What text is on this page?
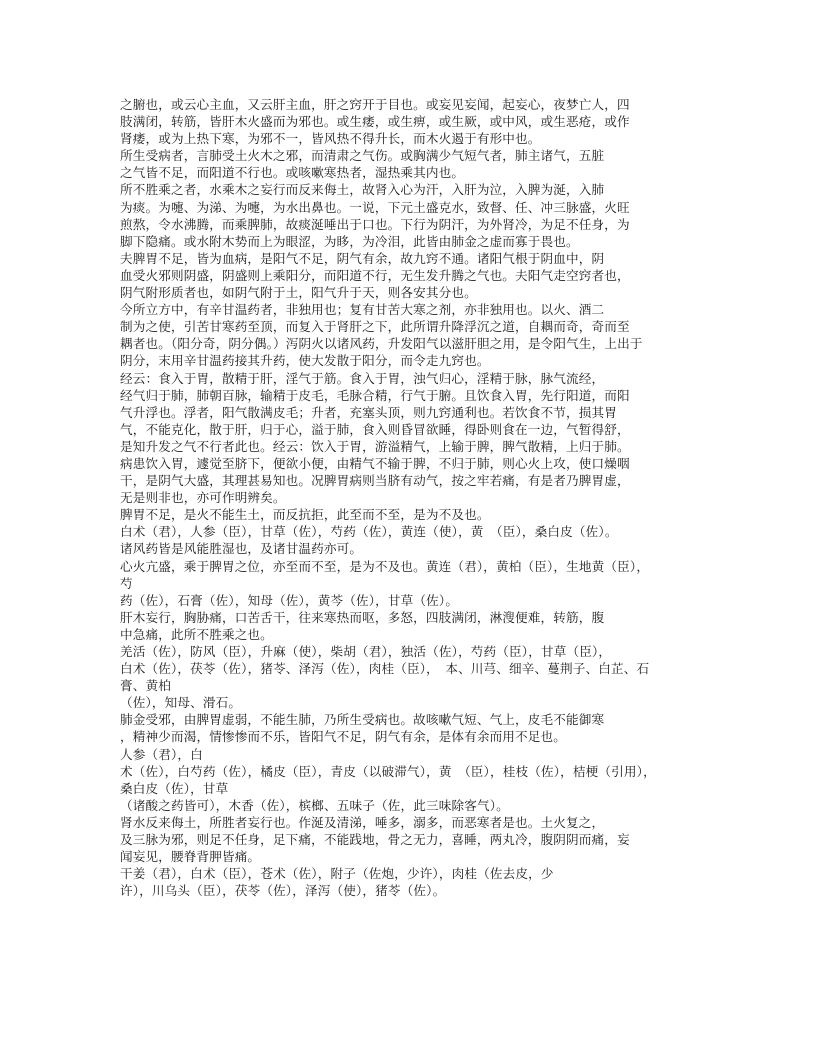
之腑也，或云心主血，又云肝主血，肝之窍开于目也。或妄见妄闻，起妄心，夜梦亡人，四
肢满闭，转筋，皆肝木火盛而为邪也。或生痿，或生痹，或生厥，或中风，或生恶疮，或作
肾痿，或为上热下寒，为邪不一，皆风热不得升长，而木火遏于有形中也。
所生受病者，言肺受土火木之邪，而清肃之气伤。或胸满少气短气者，肺主诸气，五脏
之气皆不足，而阳道不行也。或咳嗽寒热者，湿热乘其内也。
所不胜乘之者，水乘木之妄行而反来侮土，故肾入心为汗，入肝为泣，入脾为涎，入肺
为痰。为嚏、为涕、为嚏，为水出鼻也。一说，下元土盛克水，致督、任、冲三脉盛，火旺
煎熬，令水沸腾，而乘脾肺，故痰涎唾出于口也。下行为阴汗，为外肾冷，为足不任身，为
脚下隐痛。或水附木势而上为眼涩，为眵，为冷泪，此皆由肺金之虚而寡于畏也。
夫脾胃不足，皆为血病，是阳气不足，阴气有余，故九窍不通。诸阳气根于阴血中，阴
血受火邪则阴盛，阴盛则上乘阳分，而阳道不行，无生发升腾之气也。夫阳气走空窍者也，
阴气附形质者也，如阴气附于土，阳气升于天，则各安其分也。
今所立方中，有辛甘温药者，非独用也；复有甘苦大寒之剂，亦非独用也。以火、酒二
制为之使，引苦甘寒药至顶，而复入于肾肝之下，此所谓升降浮沉之道，自耦而奇，奇而至
耦者也。（阳分奇，阴分偶。）泻阴火以诸风药，升发阳气以滋肝胆之用，是令阳气生，上出于
阴分，末用辛甘温药接其升药，使大发散于阳分，而令走九窍也。
经云：食入于胃，散精于肝，淫气于筋。食入于胃，浊气归心，淫精于脉，脉气流经，
经气归于肺，肺朝百脉，输精于皮毛，毛脉合精，行气于腑。且饮食入胃，先行阳道，而阳
气升浮也。浮者，阳气散满皮毛；升者，充塞头顶，则九窍通利也。若饮食不节，损其胃
气，不能克化，散于肝，归于心，溢于肺，食入则昏冒欲睡，得卧则食在一边，气暂得舒，
是知升发之气不行者此也。经云：饮入于胃，游溢精气，上输于脾，脾气散精，上归于肺。
病患饮入胃，遽觉至脐下，便欲小便，由精气不输于脾，不归于肺，则心火上攻，使口燥咽
干，是阴气大盛，其理甚易知也。况脾胃病则当脐有动气，按之牢若痛，有是者乃脾胃虚，
无是则非也，亦可作明辨矣。
脾胃不足，是火不能生土，而反抗拒，此至而不至，是为不及也。
白术（君），人参（臣），甘草（佐），芍药（佐），黄连（使），黄　（臣），桑白皮（佐）。
诸风药皆是风能胜湿也，及诸甘温药亦可。
心火亢盛，乘于脾胃之位，亦至而不至，是为不及也。黄连（君），黄柏（臣），生地黄（臣），
芍
药（佐），石膏（佐），知母（佐），黄芩（佐），甘草（佐）。
肝木妄行，胸胁痛，口苦舌干，往来寒热而呕，多怒，四肢满闭，淋溲便难，转筋，腹
中急痛，此所不胜乘之也。
羌活（佐），防风（臣），升麻（使），柴胡（君），独活（佐），芍药（臣），甘草（臣），
白术（佐），茯苓（佐），猪苓、泽泻（佐），肉桂（臣），　本、川芎、细辛、蔓荆子、白芷、石
膏、黄柏
（佐），知母、滑石。
肺金受邪，由脾胃虚弱，不能生肺，乃所生受病也。故咳嗽气短、气上，皮毛不能御寒
，精神少而渴，情惨惨而不乐，皆阳气不足，阴气有余，是体有余而用不足也。
人参（君），白
术（佐），白芍药（佐），橘皮（臣），青皮（以破滞气），黄　（臣），桂枝（佐），桔梗（引用），
桑白皮（佐），甘草
（诸酸之药皆可），木香（佐），槟榔、五味子（佐，此三味除客气）。
肾水反来侮土，所胜者妄行也。作涎及清涕，唾多，溺多，而恶寒者是也。土火复之，
及三脉为邪，则足不任身，足下痛，不能践地，骨之无力，喜睡，两丸冷，腹阴阴而痛，妄
闻妄见，腰脊背胛皆痛。
干姜（君），白术（臣），苍术（佐），附子（佐炮，少许），肉桂（佐去皮，少
许），川乌头（臣），茯苓（佐），泽泻（使），猪苓（佐）。
